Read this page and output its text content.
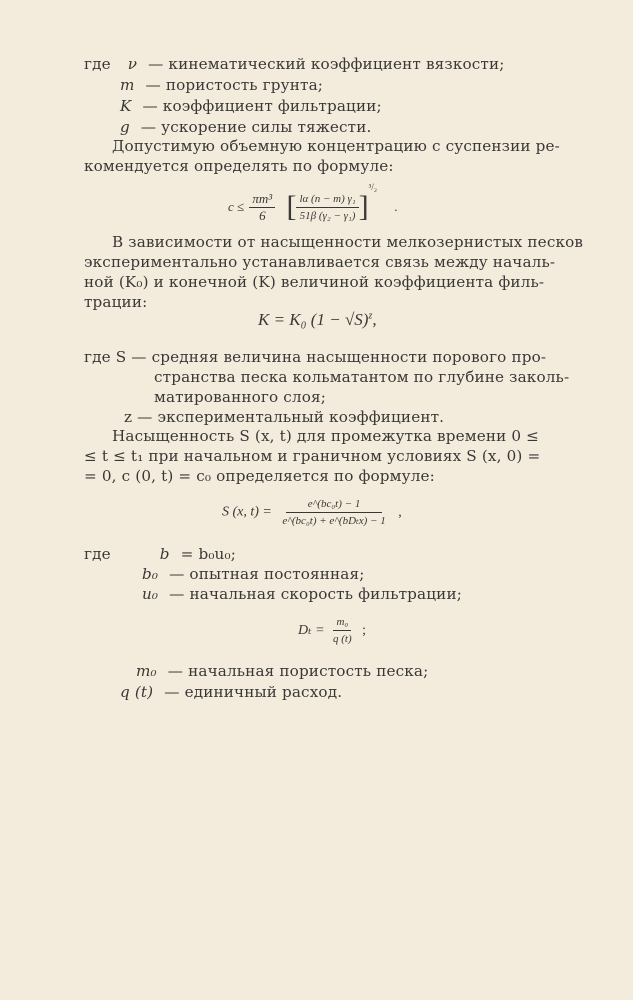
где ν — кинематический коэффициент вязкости;
m — пористость грунта;
K — коэффициент фильтрации;
g — ускорение силы тяжести.
Допустимую объемную концентрацию c суспензии ре-
комендуется определять по формуле:
$c \le \frac{\text{πm³}}{6}$ [ $\frac{\text{lα (n − m) γ₁}}{\text{51β (γ₂ − γ₁)}} ]^{^3/_2}$ .
В зависимости от насыщенности мелкозернистых песков
экспериментально устанавливается связь между началь-
ной (K₀) и конечной (K) величиной коэффициента филь-
трации:
K = K₀ $(1 - √S)^z$,
где S — средняя величина насыщенности порового про-
странства песка кольматантом по глубине заколь-
матированного слоя;
z — экспериментальный коэффициент.
Насыщенность S (x, t) для промежутка времени 0 ≤
≤ t ≤ t₁ при начальном и граничном условиях S (x, 0) =
= 0, c (0, t) = c₀ определяется по формуле:
S (x, $t) = \frac{\text{e\textasciicircum{}(bc₀t) − 1}}{\text{e\textasciicircum{}(bc₀t) + e\textasciicircum{}(bDₜx) − 1}}$ ,
где	b = b₀u₀;
b₀ — опытная постоянная;
u₀ — начальная скорость фильтрации;
$D_t = \frac{\text{m₀}}{q (t)}$ ;
m₀ — начальная пористость песка;
q (t) — единичный расход.
